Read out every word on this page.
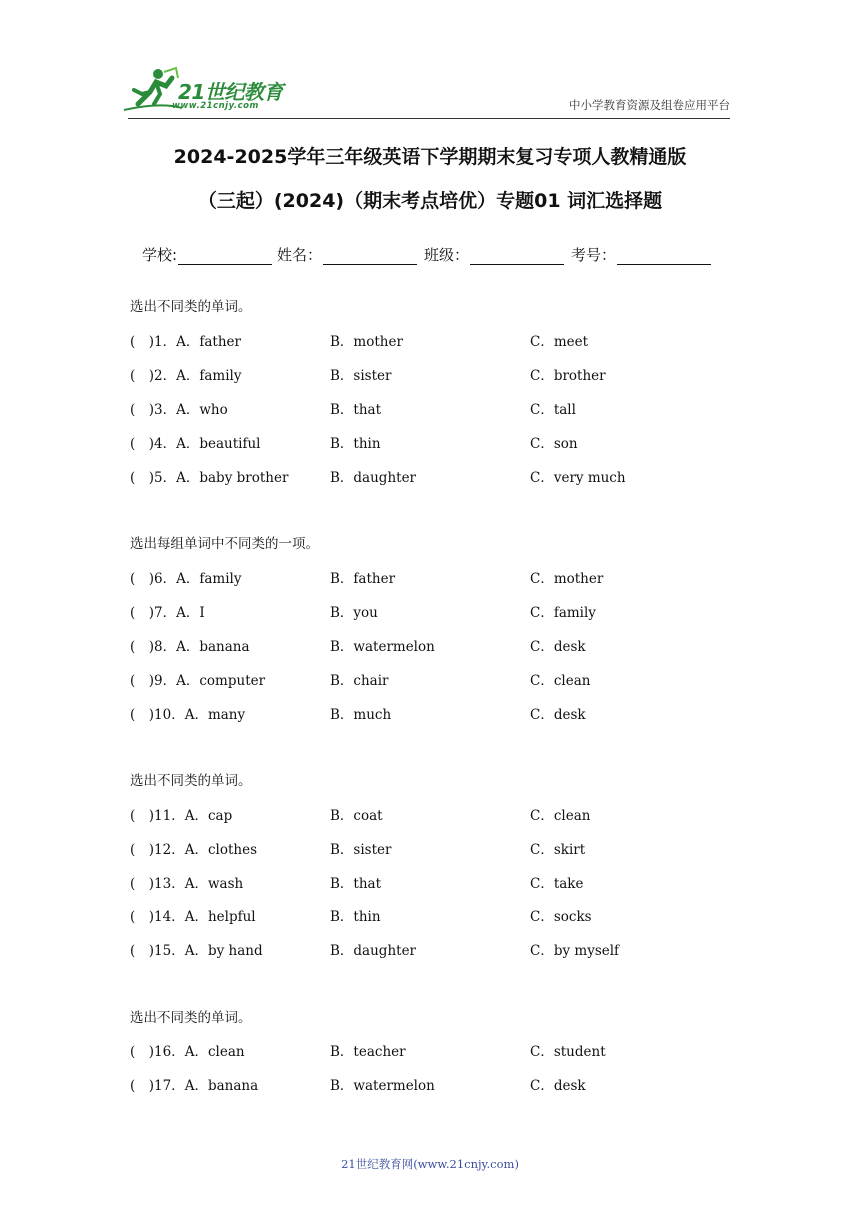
21世纪教育
www.21cnjy.com	中小学教育资源及组卷应用平台
2024-2025学年三年级英语下学期期末复习专项人教精通版
（三起）(2024)（期末考点培优）专题01 词汇选择题
学校:	姓名：	班级：	考号：
选出不同类的单词。
(　)1．A．father	B．mother	C．meet
(　)2．A．family	B．sister	C．brother
(　)3．A．who	B．that	C．tall
(　)4．A．beautiful	B．thin	C．son
(　)5．A．baby brother	B．daughter	C．very much
选出每组单词中不同类的一项。
(　)6．A．family	B．father	C．mother
(　)7．A．I	B．you	C．family
(　)8．A．banana	B．watermelon	C．desk
(　)9．A．computer	B．chair	C．clean
(　)10．A．many	B．much	C．desk
选出不同类的单词。
(　)11．A．cap	B．coat	C．clean
(　)12．A．clothes	B．sister	C．skirt
(　)13．A．wash	B．that	C．take
(　)14．A．helpful	B．thin	C．socks
(　)15．A．by hand	B．daughter	C．by myself
选出不同类的单词。
(　)16．A．clean	B．teacher	C．student
(　)17．A．banana	B．watermelon	C．desk
21世纪教育网(www.21cnjy.com)
